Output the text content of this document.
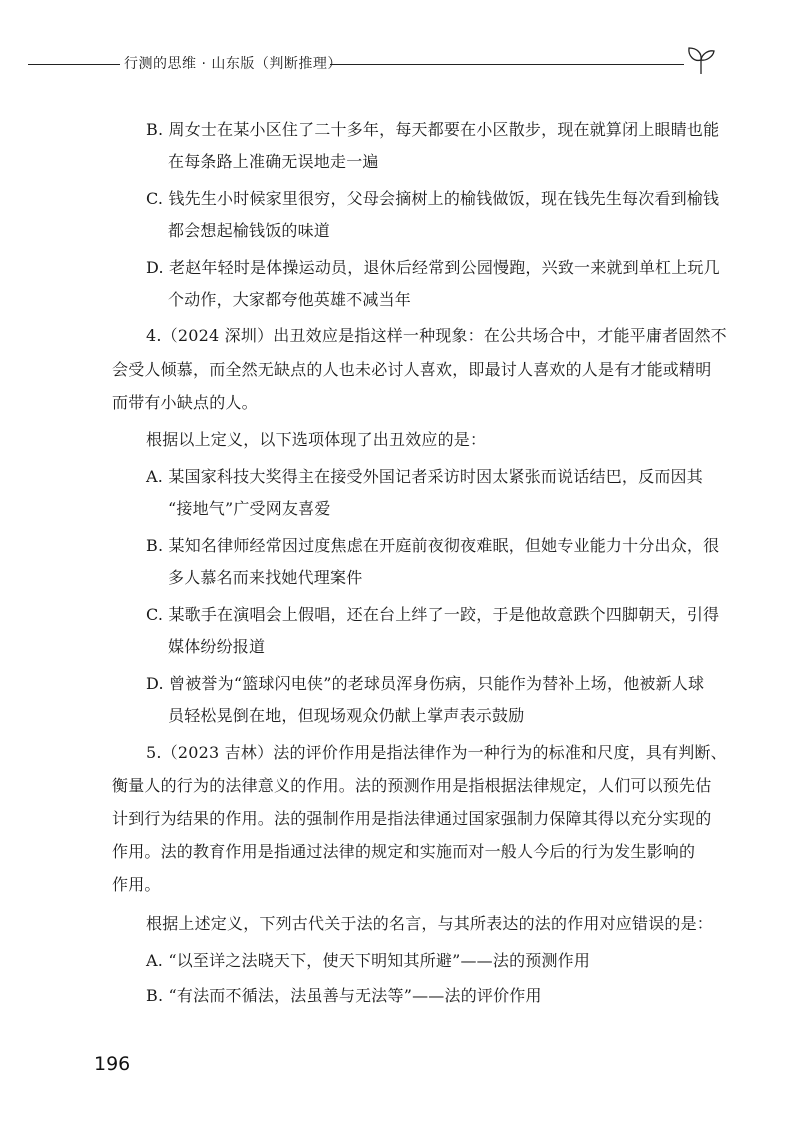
行测的思维 · 山东版（判断推理）
B. 周女士在某小区住了二十多年，每天都要在小区散步，现在就算闭上眼睛也能
在每条路上准确无误地走一遍
C. 钱先生小时候家里很穷，父母会摘树上的榆钱做饭，现在钱先生每次看到榆钱
都会想起榆钱饭的味道
D. 老赵年轻时是体操运动员，退休后经常到公园慢跑，兴致一来就到单杠上玩几
个动作，大家都夸他英雄不减当年
4.（2024 深圳）出丑效应是指这样一种现象：在公共场合中，才能平庸者固然不
会受人倾慕，而全然无缺点的人也未必讨人喜欢，即最讨人喜欢的人是有才能或精明
而带有小缺点的人。
根据以上定义，以下选项体现了出丑效应的是：
A. 某国家科技大奖得主在接受外国记者采访时因太紧张而说话结巴，反而因其
“接地气”广受网友喜爱
B. 某知名律师经常因过度焦虑在开庭前夜彻夜难眠，但她专业能力十分出众，很
多人慕名而来找她代理案件
C. 某歌手在演唱会上假唱，还在台上绊了一跤，于是他故意跌个四脚朝天，引得
媒体纷纷报道
D. 曾被誉为“篮球闪电侠”的老球员浑身伤病，只能作为替补上场，他被新人球
员轻松晃倒在地，但现场观众仍献上掌声表示鼓励
5.（2023 吉林）法的评价作用是指法律作为一种行为的标准和尺度，具有判断、
衡量人的行为的法律意义的作用。法的预测作用是指根据法律规定，人们可以预先估
计到行为结果的作用。法的强制作用是指法律通过国家强制力保障其得以充分实现的
作用。法的教育作用是指通过法律的规定和实施而对一般人今后的行为发生影响的
作用。
根据上述定义，下列古代关于法的名言，与其所表达的法的作用对应错误的是：
A. “以至详之法晓天下，使天下明知其所避”——法的预测作用
B. “有法而不循法，法虽善与无法等”——法的评价作用
196
